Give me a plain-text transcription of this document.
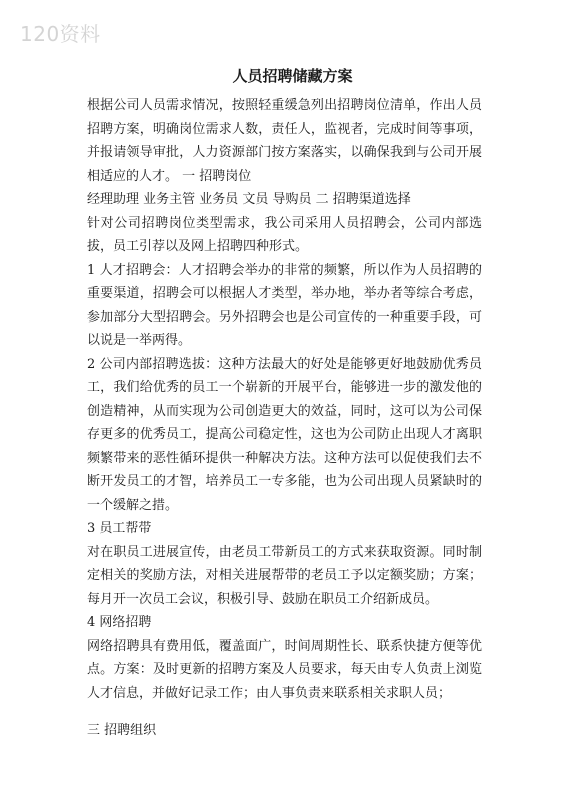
120资料
人员招聘储藏方案

根据公司人员需求情况，按照轻重缓急列出招聘岗位清单，作出人员招聘方案，明确岗位需求人数，责任人，监视者，完成时间等事项，并报请领导审批，人力资源部门按方案落实，以确保我到与公司开展相适应的人才。 一 招聘岗位

经理助理 业务主管 业务员 文员 导购员 二 招聘渠道选择

针对公司招聘岗位类型需求，我公司采用人员招聘会，公司内部选拔，员工引荐以及网上招聘四种形式。

1 人才招聘会：人才招聘会举办的非常的频繁，所以作为人员招聘的重要渠道，招聘会可以根据人才类型，举办地，举办者等综合考虑，参加部分大型招聘会。另外招聘会也是公司宣传的一种重要手段，可以说是一举两得。

2 公司内部招聘选拔：这种方法最大的好处是能够更好地鼓励优秀员工，我们给优秀的员工一个崭新的开展平台，能够进一步的激发他的创造精神，从而实现为公司创造更大的效益，同时，这可以为公司保存更多的优秀员工，提高公司稳定性，这也为公司防止出现人才离职频繁带来的恶性循环提供一种解决方法。这种方法可以促使我们去不断开发员工的才智，培养员工一专多能，也为公司出现人员紧缺时的一个缓解之措。

3 员工帮带

对在职员工进展宣传，由老员工带新员工的方式来获取资源。同时制定相关的奖励方法，对相关进展帮带的老员工予以定额奖励；方案；每月开一次员工会议，积极引导、鼓励在职员工介绍新成员。

4 网络招聘

网络招聘具有费用低，覆盖面广，时间周期性长、联系快捷方便等优点。方案：及时更新的招聘方案及人员要求，每天由专人负责上浏览人才信息，并做好记录工作；由人事负责来联系相关求职人员；

三 招聘组织
